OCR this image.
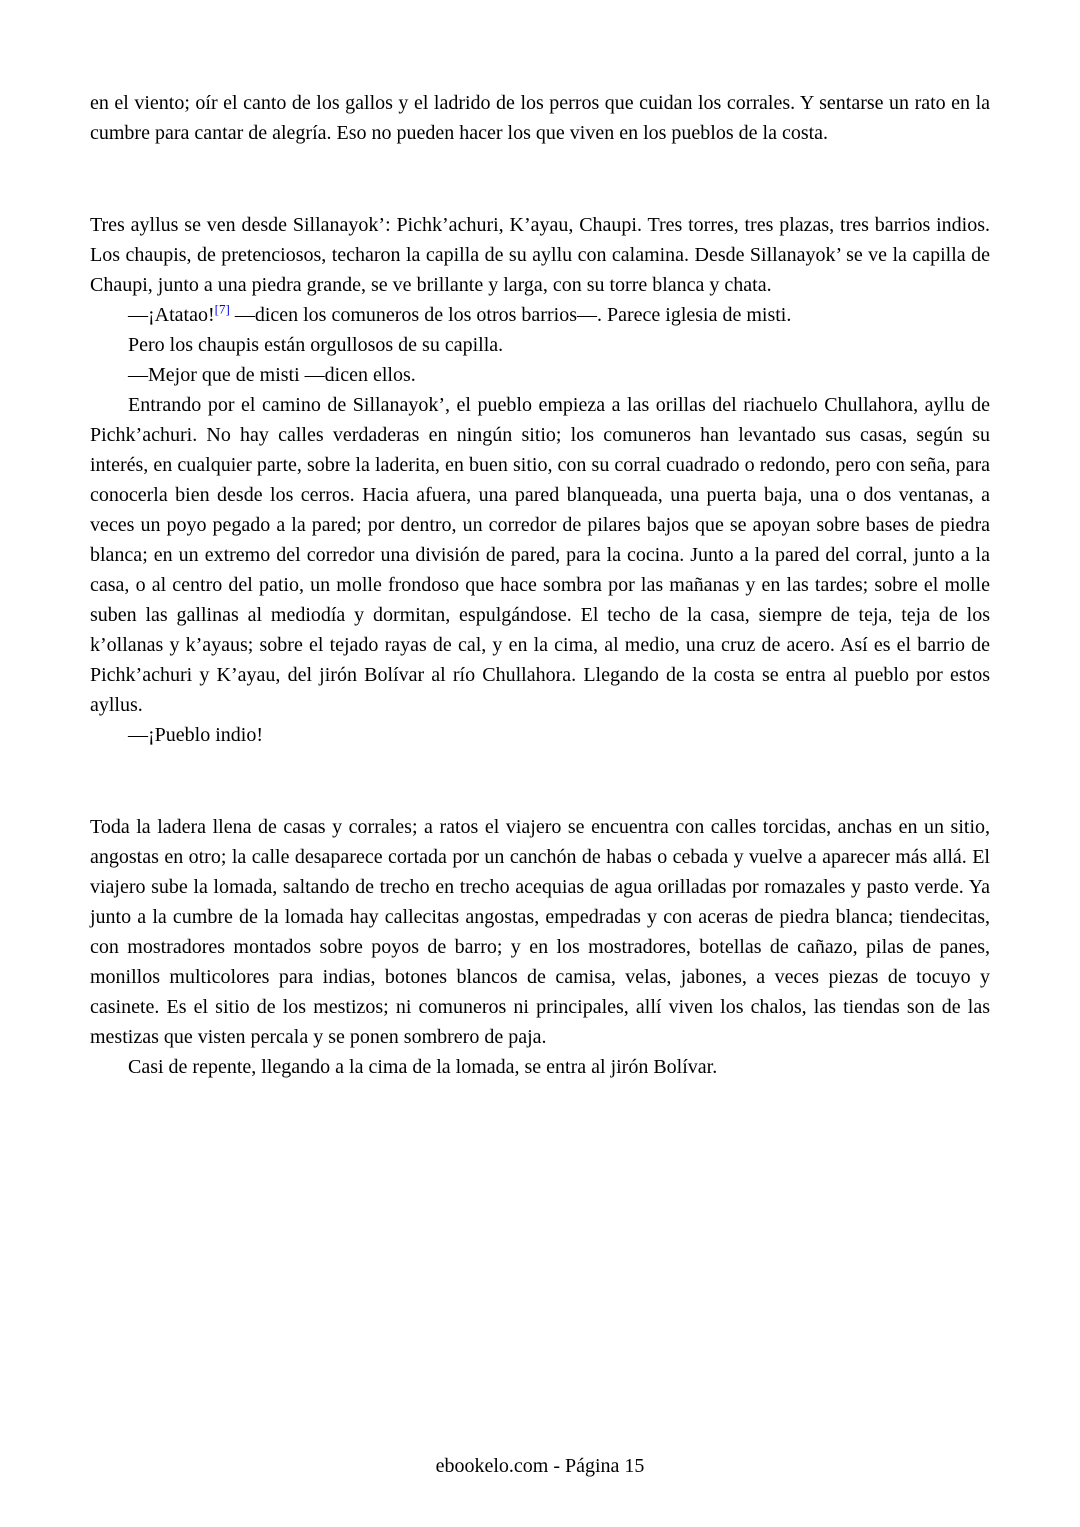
en el viento; oír el canto de los gallos y el ladrido de los perros que cuidan los corrales. Y sentarse un rato en la cumbre para cantar de alegría. Eso no pueden hacer los que viven en los pueblos de la costa.

Tres ayllus se ven desde Sillanayok’: Pichk’achuri, K’ayau, Chaupi. Tres torres, tres plazas, tres barrios indios. Los chaupis, de pretenciosos, techaron la capilla de su ayllu con calamina. Desde Sillanayok’ se ve la capilla de Chaupi, junto a una piedra grande, se ve brillante y larga, con su torre blanca y chata.

—¡Atatao![7] —dicen los comuneros de los otros barrios—. Parece iglesia de misti.

Pero los chaupis están orgullosos de su capilla.

—Mejor que de misti —dicen ellos.

Entrando por el camino de Sillanayok’, el pueblo empieza a las orillas del riachuelo Chullahora, ayllu de Pichk’achuri. No hay calles verdaderas en ningún sitio; los comuneros han levantado sus casas, según su interés, en cualquier parte, sobre la laderita, en buen sitio, con su corral cuadrado o redondo, pero con seña, para conocerla bien desde los cerros. Hacia afuera, una pared blanqueada, una puerta baja, una o dos ventanas, a veces un poyo pegado a la pared; por dentro, un corredor de pilares bajos que se apoyan sobre bases de piedra blanca; en un extremo del corredor una división de pared, para la cocina. Junto a la pared del corral, junto a la casa, o al centro del patio, un molle frondoso que hace sombra por las mañanas y en las tardes; sobre el molle suben las gallinas al mediodía y dormitan, espulgándose. El techo de la casa, siempre de teja, teja de los k’ollanas y k’ayaus; sobre el tejado rayas de cal, y en la cima, al medio, una cruz de acero. Así es el barrio de Pichk’achuri y K’ayau, del jirón Bolívar al río Chullahora. Llegando de la costa se entra al pueblo por estos ayllus.

—¡Pueblo indio!

Toda la ladera llena de casas y corrales; a ratos el viajero se encuentra con calles torcidas, anchas en un sitio, angostas en otro; la calle desaparece cortada por un canchón de habas o cebada y vuelve a aparecer más allá. El viajero sube la lomada, saltando de trecho en trecho acequias de agua orilladas por romazales y pasto verde. Ya junto a la cumbre de la lomada hay callecitas angostas, empedradas y con aceras de piedra blanca; tiendecitas, con mostradores montados sobre poyos de barro; y en los mostradores, botellas de cañazo, pilas de panes, monillos multicolores para indias, botones blancos de camisa, velas, jabones, a veces piezas de tocuyo y casinete. Es el sitio de los mestizos; ni comuneros ni principales, allí viven los chalos, las tiendas son de las mestizas que visten percala y se ponen sombrero de paja.

Casi de repente, llegando a la cima de la lomada, se entra al jirón Bolívar.

ebookelo.com - Página 15
